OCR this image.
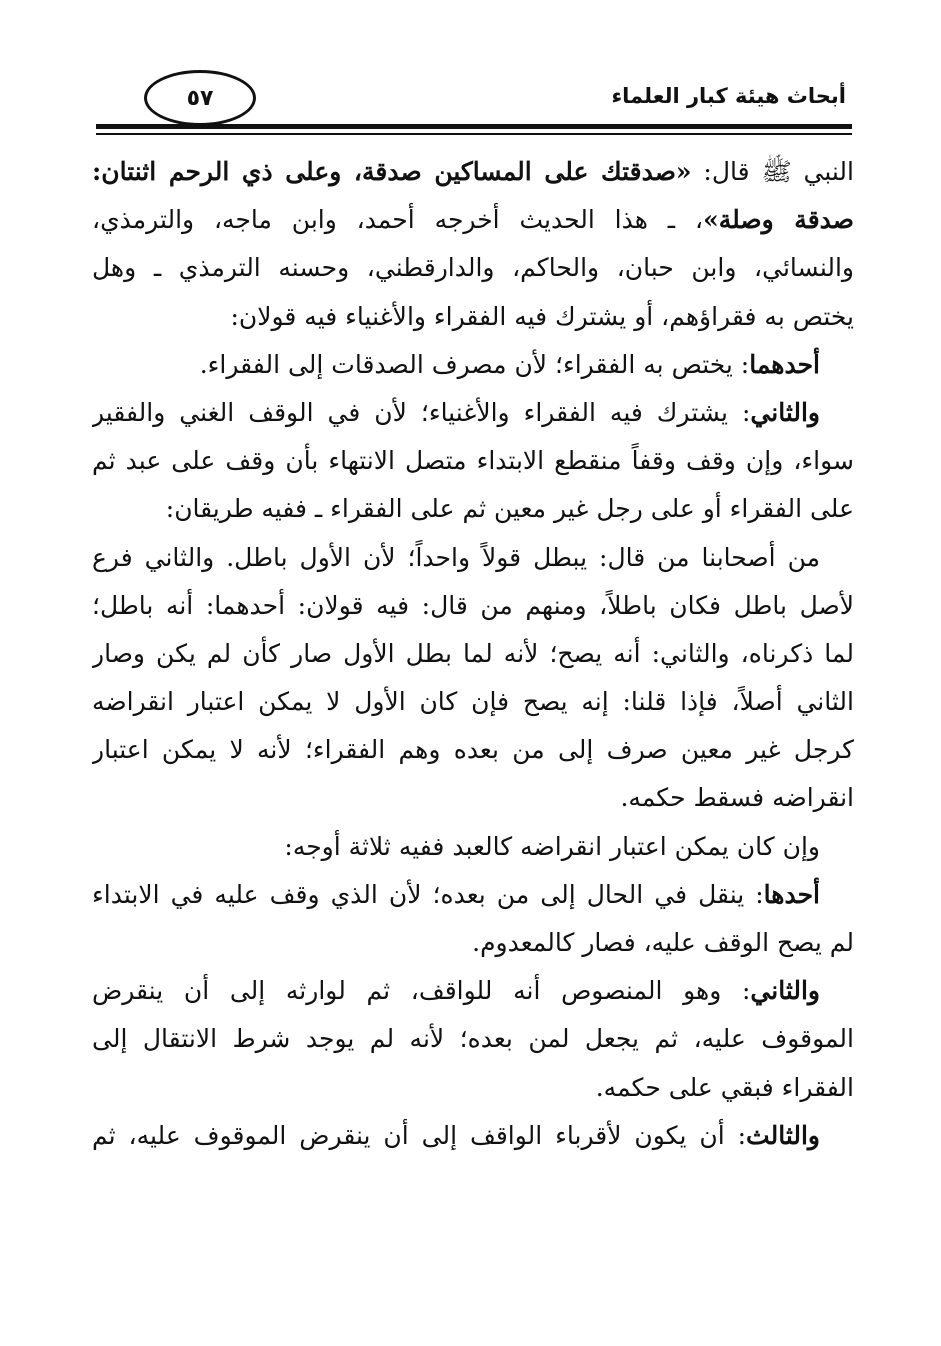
أبحاث هيئة كبار العلماء
٥٧
النبي ﷺ قال: «صدقتك على المساكين صدقة، وعلى ذي الرحم اثنتان:
صدقة وصلة»، ـ هذا الحديث أخرجه أحمد، وابن ماجه، والترمذي،
والنسائي، وابن حبان، والحاكم، والدارقطني، وحسنه الترمذي ـ وهل
يختص به فقراؤهم، أو يشترك فيه الفقراء والأغنياء فيه قولان:
أحدهما: يختص به الفقراء؛ لأن مصرف الصدقات إلى الفقراء.
والثاني: يشترك فيه الفقراء والأغنياء؛ لأن في الوقف الغني والفقير
سواء، وإن وقف وقفاً منقطع الابتداء متصل الانتهاء بأن وقف على عبد ثم
على الفقراء أو على رجل غير معين ثم على الفقراء ـ ففيه طريقان:
من أصحابنا من قال: يبطل قولاً واحداً؛ لأن الأول باطل. والثاني فرع
لأصل باطل فكان باطلاً، ومنهم من قال: فيه قولان: أحدهما: أنه باطل؛
لما ذكرناه، والثاني: أنه يصح؛ لأنه لما بطل الأول صار كأن لم يكن وصار
الثاني أصلاً، فإذا قلنا: إنه يصح فإن كان الأول لا يمكن اعتبار انقراضه
كرجل غير معين صرف إلى من بعده وهم الفقراء؛ لأنه لا يمكن اعتبار
انقراضه فسقط حكمه.
وإن كان يمكن اعتبار انقراضه كالعبد ففيه ثلاثة أوجه:
أحدها: ينقل في الحال إلى من بعده؛ لأن الذي وقف عليه في الابتداء
لم يصح الوقف عليه، فصار كالمعدوم.
والثاني: وهو المنصوص أنه للواقف، ثم لوارثه إلى أن ينقرض
الموقوف عليه، ثم يجعل لمن بعده؛ لأنه لم يوجد شرط الانتقال إلى
الفقراء فبقي على حكمه.
والثالث: أن يكون لأقرباء الواقف إلى أن ينقرض الموقوف عليه، ثم
